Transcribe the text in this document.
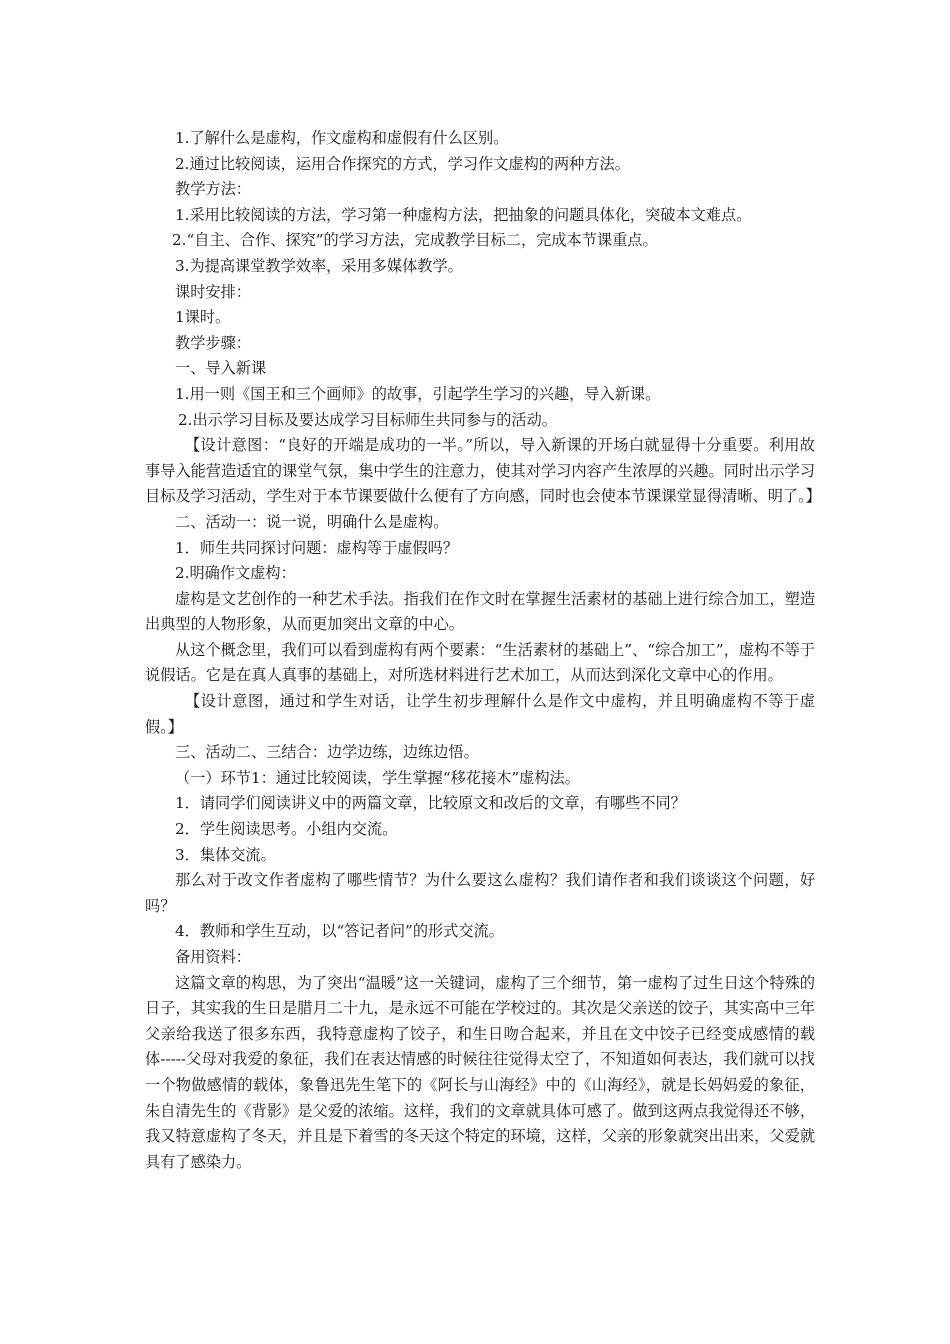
1.了解什么是虚构，作文虚构和虚假有什么区别。

2.通过比较阅读，运用合作探究的方式，学习作文虚构的两种方法。

教学方法：

1.采用比较阅读的方法，学习第一种虚构方法，把抽象的问题具体化，突破本文难点。

2.“自主、合作、探究”的学习方法，完成教学目标二，完成本节课重点。

3.为提高课堂教学效率，采用多媒体教学。

课时安排：

1课时。

教学步骤：

一、导入新课

1.用一则《国王和三个画师》的故事，引起学生学习的兴趣，导入新课。

2.出示学习目标及要达成学习目标师生共同参与的活动。

【设计意图：“良好的开端是成功的一半。”所以，导入新课的开场白就显得十分重要。利用故事导入能营造适宜的课堂气氛，集中学生的注意力，使其对学习内容产生浓厚的兴趣。同时出示学习目标及学习活动，学生对于本节课要做什么便有了方向感，同时也会使本节课课堂显得清晰、明了。】

二、活动一：说一说，明确什么是虚构。

1．师生共同探讨问题：虚构等于虚假吗？

2.明确作文虚构：

虚构是文艺创作的一种艺术手法。指我们在作文时在掌握生活素材的基础上进行综合加工，塑造出典型的人物形象，从而更加突出文章的中心。

从这个概念里，我们可以看到虚构有两个要素：“生活素材的基础上”、“综合加工”，虚构不等于说假话。它是在真人真事的基础上，对所选材料进行艺术加工，从而达到深化文章中心的作用。

【设计意图，通过和学生对话，让学生初步理解什么是作文中虚构，并且明确虚构不等于虚假。】

三、活动二、三结合：边学边练，边练边悟。

（一）环节1：通过比较阅读，学生掌握“移花接木”虚构法。

1．请同学们阅读讲义中的两篇文章，比较原文和改后的文章，有哪些不同？

2．学生阅读思考。小组内交流。

3．集体交流。

那么对于改文作者虚构了哪些情节？为什么要这么虚构？我们请作者和我们谈谈这个问题，好吗？

4．教师和学生互动，以“答记者问”的形式交流。

备用资料：

这篇文章的构思，为了突出“温暖”这一关键词，虚构了三个细节，第一虚构了过生日这个特殊的日子，其实我的生日是腊月二十九，是永远不可能在学校过的。其次是父亲送的饺子，其实高中三年父亲给我送了很多东西，我特意虚构了饺子，和生日吻合起来，并且在文中饺子已经变成感情的载体-----父母对我爱的象征，我们在表达情感的时候往往觉得太空了，不知道如何表达，我们就可以找一个物做感情的载体，象鲁迅先生笔下的《阿长与山海经》中的《山海经》，就是长妈妈爱的象征，朱自清先生的《背影》是父爱的浓缩。这样，我们的文章就具体可感了。做到这两点我觉得还不够，我又特意虚构了冬天，并且是下着雪的冬天这个特定的环境，这样，父亲的形象就突出出来，父爱就具有了感染力。
